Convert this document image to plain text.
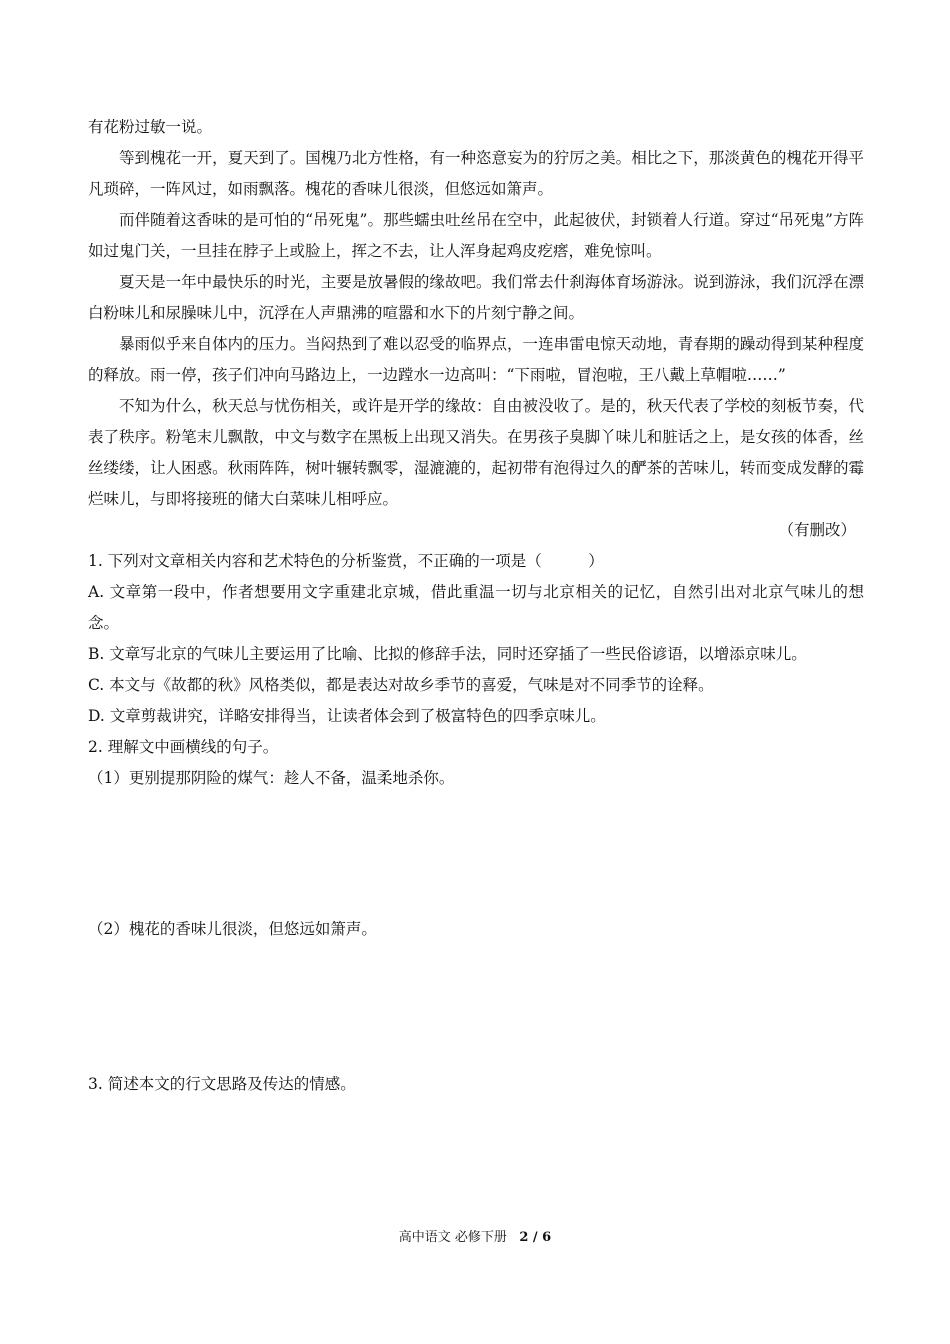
有花粉过敏一说。

等到槐花一开，夏天到了。国槐乃北方性格，有一种恣意妄为的狞厉之美。相比之下，那淡黄色的槐花开得平凡琐碎，一阵风过，如雨飘落。槐花的香味儿很淡，但悠远如箫声。

而伴随着这香味的是可怕的“吊死鬼”。那些蠕虫吐丝吊在空中，此起彼伏，封锁着人行道。穿过“吊死鬼”方阵如过鬼门关，一旦挂在脖子上或脸上，挥之不去，让人浑身起鸡皮疙瘩，难免惊叫。

夏天是一年中最快乐的时光，主要是放暑假的缘故吧。我们常去什刹海体育场游泳。说到游泳，我们沉浮在漂白粉味儿和尿臊味儿中，沉浮在人声鼎沸的喧嚣和水下的片刻宁静之间。

暴雨似乎来自体内的压力。当闷热到了难以忍受的临界点，一连串雷电惊天动地，青春期的躁动得到某种程度的释放。雨一停，孩子们冲向马路边上，一边蹚水一边高叫：“下雨啦，冒泡啦，王八戴上草帽啦……”

不知为什么，秋天总与忧伤相关，或许是开学的缘故：自由被没收了。是的，秋天代表了学校的刻板节奏，代表了秩序。粉笔末儿飘散，中文与数字在黑板上出现又消失。在男孩子臭脚丫味儿和脏话之上，是女孩的体香，丝丝缕缕，让人困惑。秋雨阵阵，树叶辗转飘零，湿漉漉的，起初带有泡得过久的酽茶的苦味儿，转而变成发酵的霉烂味儿，与即将接班的储大白菜味儿相呼应。

（有删改）

1. 下列对文章相关内容和艺术特色的分析鉴赏，不正确的一项是（　　　）

A. 文章第一段中，作者想要用文字重建北京城，借此重温一切与北京相关的记忆，自然引出对北京气味儿的想念。

B. 文章写北京的气味儿主要运用了比喻、比拟的修辞手法，同时还穿插了一些民俗谚语，以增添京味儿。

C. 本文与《故都的秋》风格类似，都是表达对故乡季节的喜爱，气味是对不同季节的诠释。

D. 文章剪裁讲究，详略安排得当，让读者体会到了极富特色的四季京味儿。

2. 理解文中画横线的句子。

（1）更别提那阴险的煤气：趁人不备，温柔地杀你。

（2）槐花的香味儿很淡，但悠远如箫声。

3. 简述本文的行文思路及传达的情感。

高中语文 必修下册 2 / 6
